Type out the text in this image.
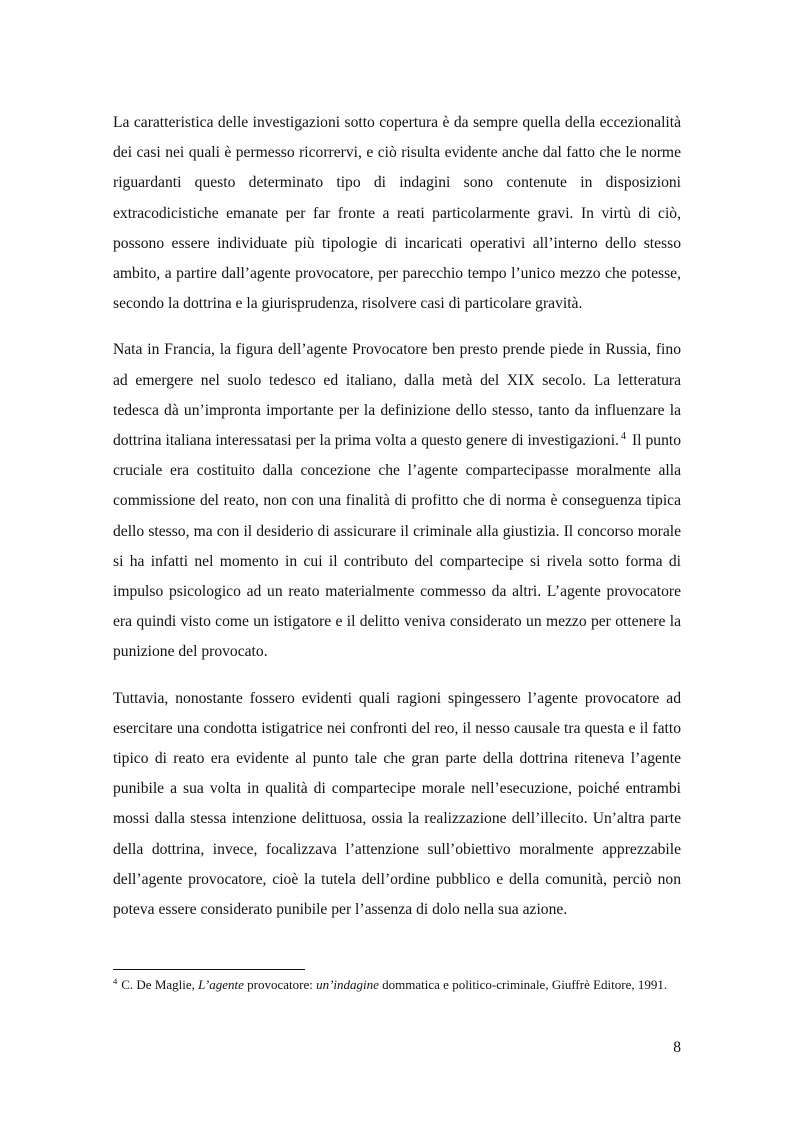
La caratteristica delle investigazioni sotto copertura è da sempre quella della eccezionalità dei casi nei quali è permesso ricorrervi, e ciò risulta evidente anche dal fatto che le norme riguardanti questo determinato tipo di indagini sono contenute in disposizioni extracodicistiche emanate per far fronte a reati particolarmente gravi. In virtù di ciò, possono essere individuate più tipologie di incaricati operativi all’interno dello stesso ambito, a partire dall’agente provocatore, per parecchio tempo l’unico mezzo che potesse, secondo la dottrina e la giurisprudenza, risolvere casi di particolare gravità.

Nata in Francia, la figura dell’agente Provocatore ben presto prende piede in Russia, fino ad emergere nel suolo tedesco ed italiano, dalla metà del XIX secolo. La letteratura tedesca dà un’impronta importante per la definizione dello stesso, tanto da influenzare la dottrina italiana interessatasi per la prima volta a questo genere di investigazioni. $^4$ Il punto cruciale era costituito dalla concezione che l’agente compartecipasse moralmente alla commissione del reato, non con una finalità di profitto che di norma è conseguenza tipica dello stesso, ma con il desiderio di assicurare il criminale alla giustizia. Il concorso morale si ha infatti nel momento in cui il contributo del compartecipe si rivela sotto forma di impulso psicologico ad un reato materialmente commesso da altri. L’agente provocatore era quindi visto come un istigatore e il delitto veniva considerato un mezzo per ottenere la punizione del provocato.

Tuttavia, nonostante fossero evidenti quali ragioni spingessero l’agente provocatore ad esercitare una condotta istigatrice nei confronti del reo, il nesso causale tra questa e il fatto tipico di reato era evidente al punto tale che gran parte della dottrina riteneva l’agente punibile a sua volta in qualità di compartecipe morale nell’esecuzione, poiché entrambi mossi dalla stessa intenzione delittuosa, ossia la realizzazione dell’illecito. Un’altra parte della dottrina, invece, focalizzava l’attenzione sull’obiettivo moralmente apprezzabile dell’agente provocatore, cioè la tutela dell’ordine pubblico e della comunità, perciò non poteva essere considerato punibile per l’assenza di dolo nella sua azione.

$^4$ C. De Maglie, L’agente provocatore: un’indagine dommatica e politico-criminale, Giuffrè Editore, 1991.
8
